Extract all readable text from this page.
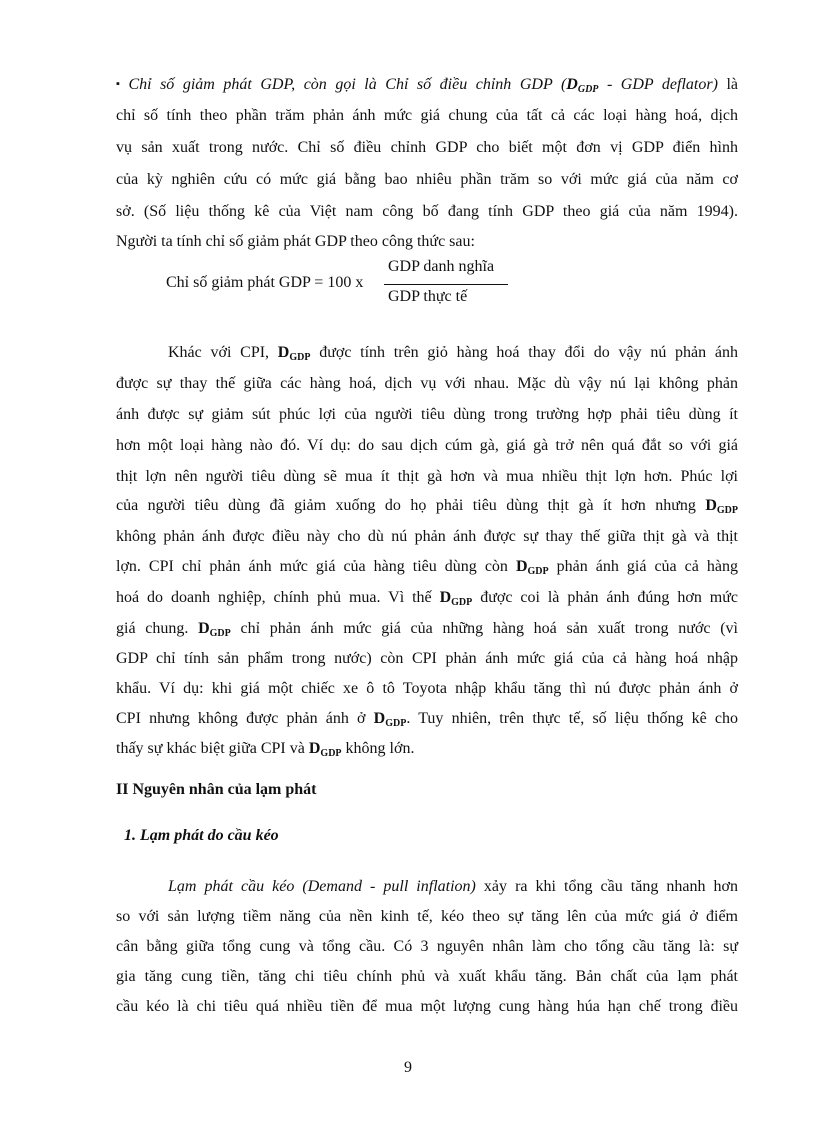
▪ Chỉ số giảm phát GDP, còn gọi là Chỉ số điều chỉnh GDP ($D_{GDP}$ - GDP deflator) là
chỉ số tính theo phần trăm phản ánh mức giá chung của tất cả các loại hàng hoá, dịch
vụ sản xuất trong nước. Chỉ số điều chỉnh GDP cho biết một đơn vị GDP điển hình
của kỳ nghiên cứu có mức giá bằng bao nhiêu phần trăm so với mức giá của năm cơ
sở. (Số liệu thống kê của Việt nam công bố đang tính GDP theo giá của năm 1994).
Người ta tính chỉ số giảm phát GDP theo công thức sau:
Chỉ số giảm phát GDP = 100 x
GDP danh nghĩa
GDP thực tế
Khác với CPI, $D_{GDP}$ được tính trên giỏ hàng hoá thay đổi do vậy nú phản ánh
được sự thay thế giữa các hàng hoá, dịch vụ với nhau. Mặc dù vậy nú lại không phản
ánh được sự giảm sút phúc lợi của người tiêu dùng trong trường hợp phải tiêu dùng ít
hơn một loại hàng nào đó. Ví dụ: do sau dịch cúm gà, giá gà trở nên quá đắt so với giá
thịt lợn nên người tiêu dùng sẽ mua ít thịt gà hơn và mua nhiều thịt lợn hơn. Phúc lợi
của người tiêu dùng đã giảm xuống do họ phải tiêu dùng thịt gà ít hơn nhưng $D_{GDP}$
không phản ánh được điều này cho dù nú phản ánh được sự thay thế giữa thịt gà và thịt
lợn. CPI chỉ phản ánh mức giá của hàng tiêu dùng còn $D_{GDP}$ phản ánh giá của cả hàng
hoá do doanh nghiệp, chính phủ mua. Vì thế $D_{GDP}$ được coi là phản ánh đúng hơn mức
giá chung. $D_{GDP}$ chỉ phản ánh mức giá của những hàng hoá sản xuất trong nước (vì
GDP chỉ tính sản phẩm trong nước) còn CPI phản ánh mức giá của cả hàng hoá nhập
khẩu. Ví dụ: khi giá một chiếc xe ô tô Toyota nhập khẩu tăng thì nú được phản ánh ở
CPI nhưng không được phản ánh ở $D_{GDP}$. Tuy nhiên, trên thực tế, số liệu thống kê cho
thấy sự khác biệt giữa CPI và $D_{GDP}$ không lớn.
II Nguyên nhân của lạm phát
1. Lạm phát do cầu kéo
Lạm phát cầu kéo (Demand - pull inflation) xảy ra khi tổng cầu tăng nhanh hơn
so với sản lượng tiềm năng của nền kinh tế, kéo theo sự tăng lên của mức giá ở điểm
cân bằng giữa tổng cung và tổng cầu. Có 3 nguyên nhân làm cho tổng cầu tăng là: sự
gia tăng cung tiền, tăng chi tiêu chính phủ và xuất khẩu tăng. Bản chất của lạm phát
cầu kéo là chi tiêu quá nhiều tiền để mua một lượng cung hàng húa hạn chế trong điều
9
